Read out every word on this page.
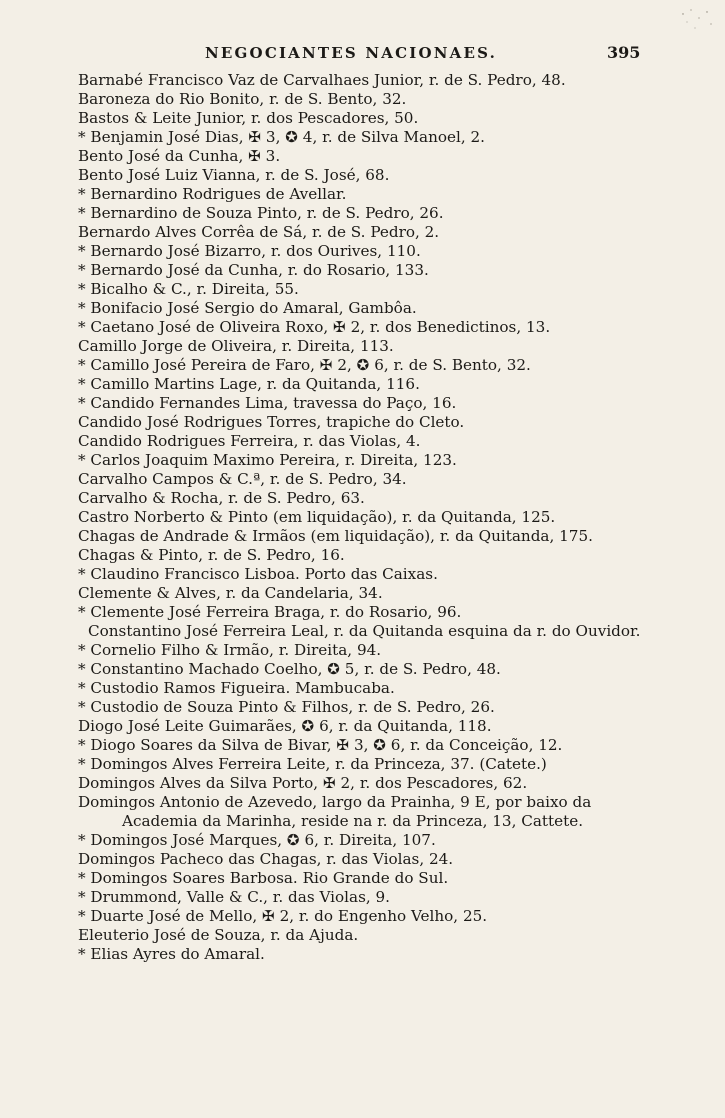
NEGOCIANTES NACIONAES.	395
Barnabé Francisco Vaz de Carvalhaes Junior, r. de S. Pedro, 48.
Baroneza do Rio Bonito, r. de S. Bento, 32.
Bastos & Leite Junior, r. dos Pescadores, 50.
* Benjamin José Dias, ✠ 3, ✪ 4, r. de Silva Manoel, 2.
Bento José da Cunha, ✠ 3.
Bento José Luiz Vianna, r. de S. José, 68.
* Bernardino Rodrigues de Avellar.
* Bernardino de Souza Pinto, r. de S. Pedro, 26.
Bernardo Alves Corrêa de Sá, r. de S. Pedro, 2.
* Bernardo José Bizarro, r. dos Ourives, 110.
* Bernardo José da Cunha, r. do Rosario, 133.
* Bicalho & C., r. Direita, 55.
* Bonifacio José Sergio do Amaral, Gambôa.
* Caetano José de Oliveira Roxo, ✠ 2, r. dos Benedictinos, 13.
Camillo Jorge de Oliveira, r. Direita, 113.
* Camillo José Pereira de Faro, ✠ 2, ✪ 6, r. de S. Bento, 32.
* Camillo Martins Lage, r. da Quitanda, 116.
* Candido Fernandes Lima, travessa do Paço, 16.
Candido José Rodrigues Torres, trapiche do Cleto.
Candido Rodrigues Ferreira, r. das Violas, 4.
* Carlos Joaquim Maximo Pereira, r. Direita, 123.
Carvalho Campos & C.ª, r. de S. Pedro, 34.
Carvalho & Rocha, r. de S. Pedro, 63.
Castro Norberto & Pinto (em liquidação), r. da Quitanda, 125.
Chagas de Andrade & Irmãos (em liquidação), r. da Quitanda, 175.
Chagas & Pinto, r. de S. Pedro, 16.
* Claudino Francisco Lisboa. Porto das Caixas.
Clemente & Alves, r. da Candelaria, 34.
* Clemente José Ferreira Braga, r. do Rosario, 96.
Constantino José Ferreira Leal, r. da Quitanda esquina da r. do Ouvidor.
* Cornelio Filho & Irmão, r. Direita, 94.
* Constantino Machado Coelho, ✪ 5, r. de S. Pedro, 48.
* Custodio Ramos Figueira. Mambucaba.
* Custodio de Souza Pinto & Filhos, r. de S. Pedro, 26.
Diogo José Leite Guimarães, ✪ 6, r. da Quitanda, 118.
* Diogo Soares da Silva de Bivar, ✠ 3, ✪ 6, r. da Conceição, 12.
* Domingos Alves Ferreira Leite, r. da Princeza, 37. (Catete.)
Domingos Alves da Silva Porto, ✠ 2, r. dos Pescadores, 62.
Domingos Antonio de Azevedo, largo da Prainha, 9 E, por baixo da Academia da Marinha, reside na r. da Princeza, 13, Cattete.
* Domingos José Marques, ✪ 6, r. Direita, 107.
Domingos Pacheco das Chagas, r. das Violas, 24.
* Domingos Soares Barbosa. Rio Grande do Sul.
* Drummond, Valle & C., r. das Violas, 9.
* Duarte José de Mello, ✠ 2, r. do Engenho Velho, 25.
Eleuterio José de Souza, r. da Ajuda.
* Elias Ayres do Amaral.
